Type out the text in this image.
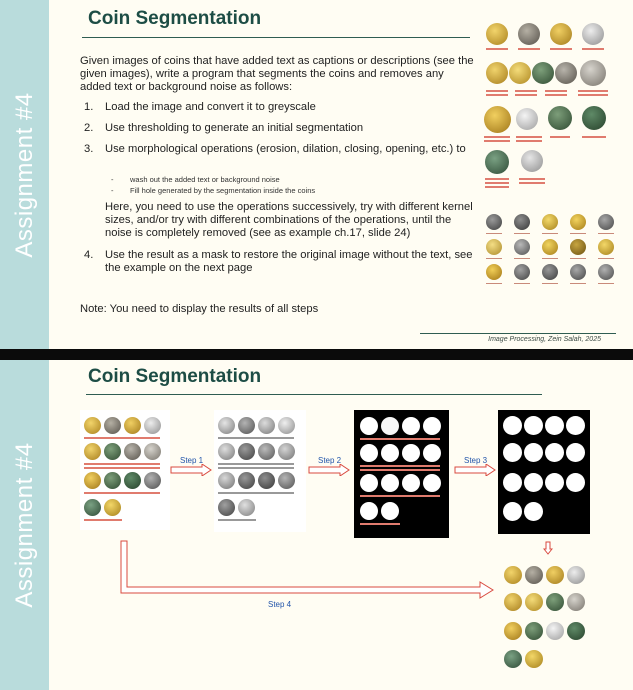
Assignment #4
Coin Segmentation

Given images of coins that have added text as captions or descriptions (see the given images), write a program that segments the coins and removes any added text or background noise as follows:

1. Load the image and convert it to greyscale
2. Use thresholding to generate an initial segmentation
3. Use morphological operations (erosion, dilation, closing, opening, etc.) to
- wash out the added text or background noise
- Fill hole generated by the segmentation inside the coins
Here, you need to use the operations successively, try with different kernel sizes, and/or try with different combinations of the operations, until the noise is completely removed (see as example ch.17, slide 24)
4. Use the result as a mask to restore the original image without the text, see the example on the next page
Note: You need to display the results of all steps
Image Processing, Zein Salah, 2025
Assignment #4
Coin Segmentation
Step 1	Step 2	Step 3
Step 4
